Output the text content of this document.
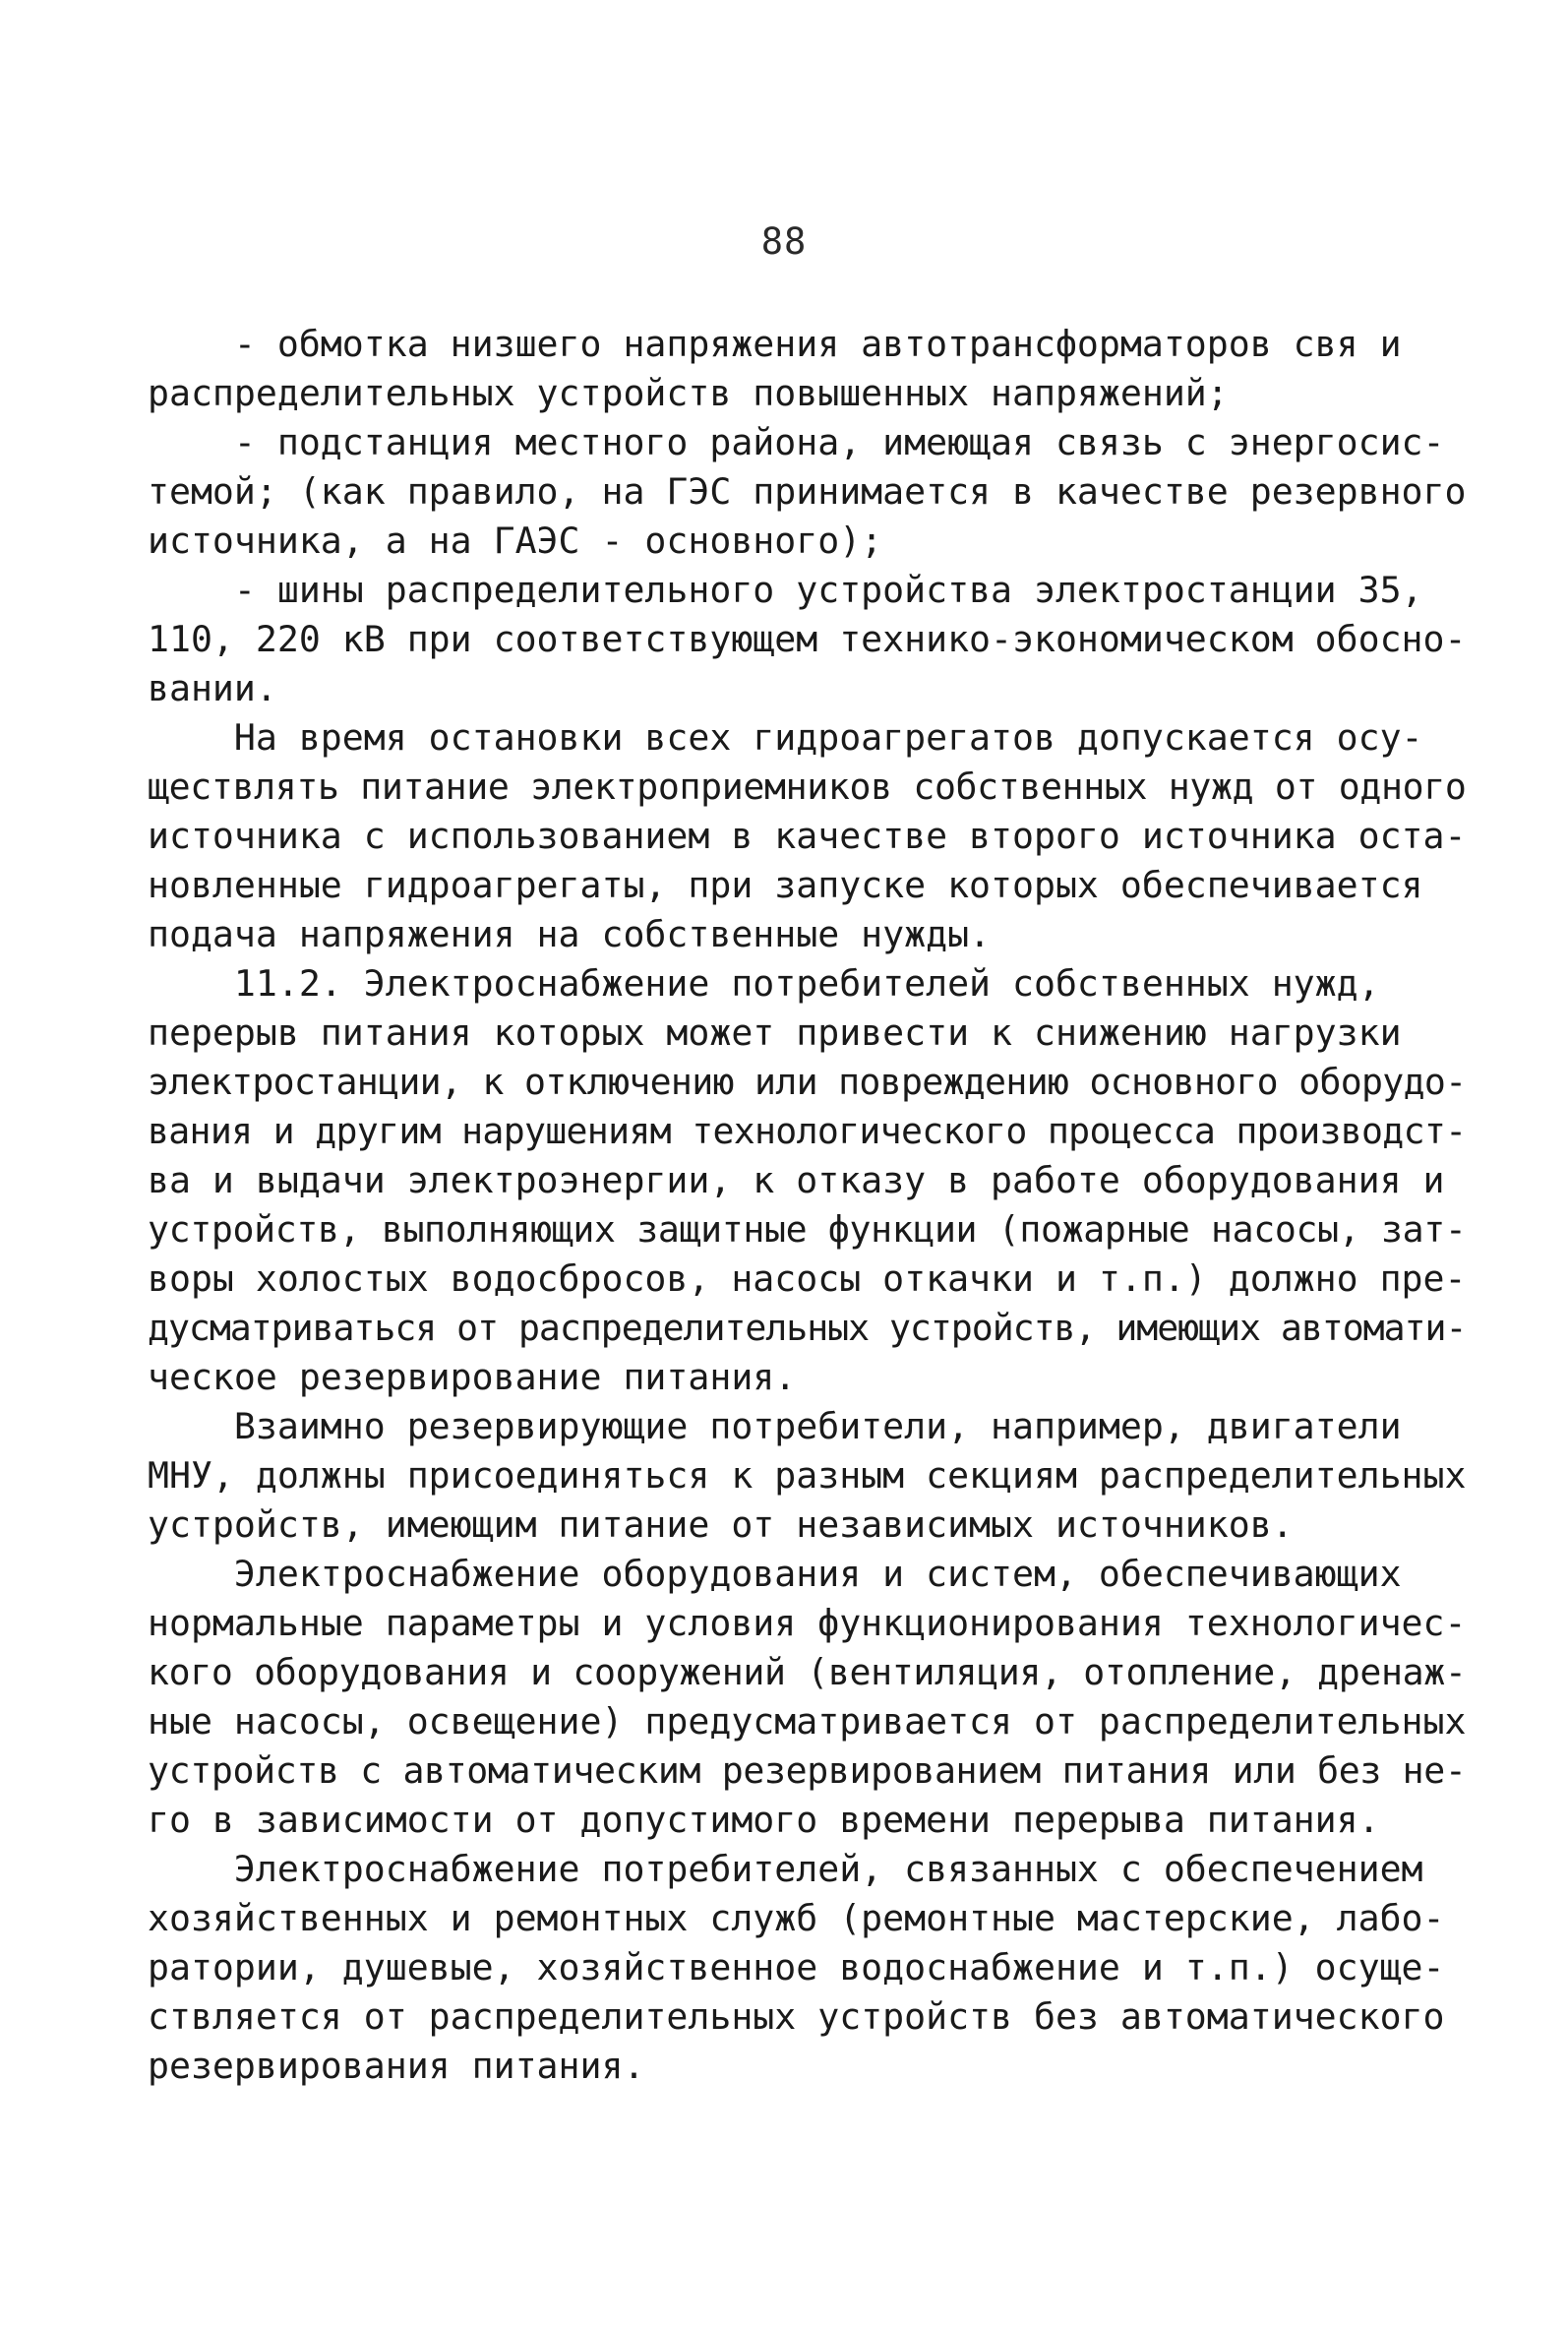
88
- обмотка низшего напряжения автотрансформаторов свя и
распределительных устройств повышенных напряжений;
- подстанция местного района, имеющая связь с энергосис-
темой; (как правило, на ГЭС принимается в качестве резервного
источника, а на ГАЭС - основного);
- шины распределительного устройства электростанции 35,
110, 220 кВ при соответствующем технико-экономическом обосно-
вании.
На время остановки всех гидроагрегатов допускается осу-
ществлять питание электроприемников собственных нужд от одного
источника с использованием в качестве второго источника оста-
новленные гидроагрегаты, при запуске которых обеспечивается
подача напряжения на собственные нужды.
11.2. Электроснабжение потребителей собственных нужд,
перерыв питания которых может привести к снижению нагрузки
электростанции, к отключению или повреждению основного оборудо-
вания и другим нарушениям технологического процесса производст-
ва и выдачи электроэнергии, к отказу в работе оборудования и
устройств, выполняющих защитные функции (пожарные насосы, зат-
воры холостых водосбросов, насосы откачки и т.п.) должно пре-
дусматриваться от распределительных устройств, имеющих автомати-
ческое резервирование питания.
Взаимно резервирующие потребители, например, двигатели
МНУ, должны присоединяться к разным секциям распределительных
устройств, имеющим питание от независимых источников.
Электроснабжение оборудования и систем, обеспечивающих
нормальные параметры и условия функционирования технологичес-
кого оборудования и сооружений (вентиляция, отопление, дренаж-
ные насосы, освещение) предусматривается от распределительных
устройств с автоматическим резервированием питания или без не-
го в зависимости от допустимого времени перерыва питания.
Электроснабжение потребителей, связанных с обеспечением
хозяйственных и ремонтных служб (ремонтные мастерские, лабо-
ратории, душевые, хозяйственное водоснабжение и т.п.) осуще-
ствляется от распределительных устройств без автоматического
резервирования питания.
